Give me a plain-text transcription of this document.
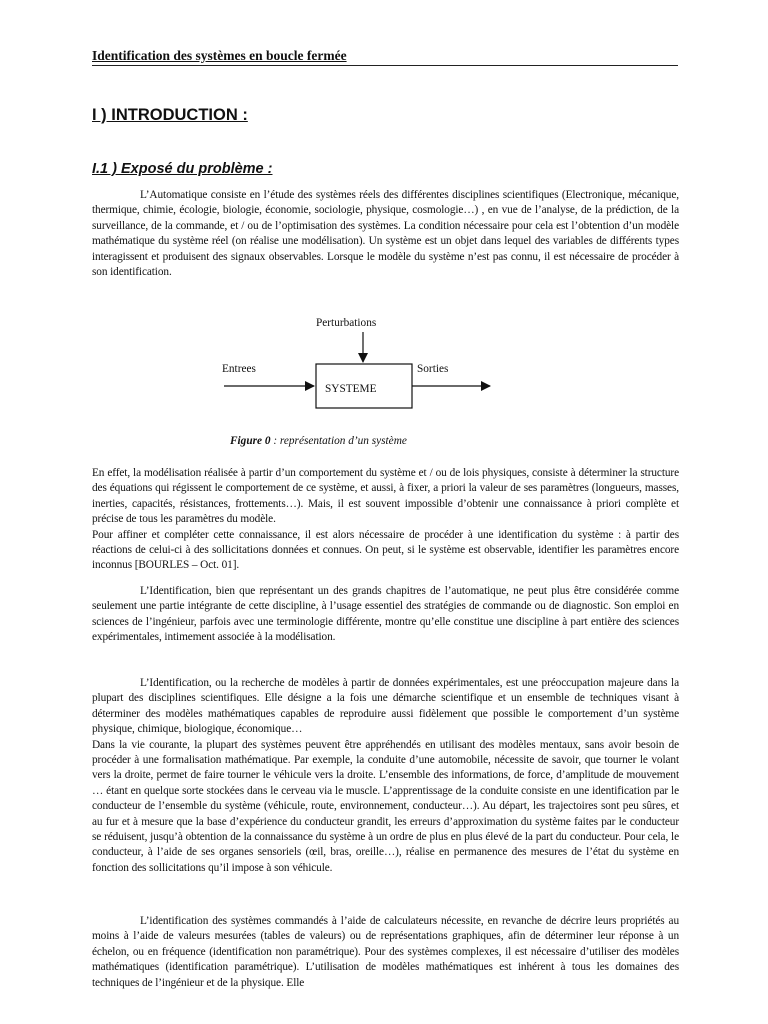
Identification des systèmes en boucle fermée
I ) INTRODUCTION :
I.1 ) Exposé du problème :

L’Automatique consiste en l’étude des systèmes réels des différentes disciplines scientifiques (Electronique, mécanique, thermique, chimie, écologie, biologie, économie, sociologie, physique, cosmologie…) , en vue de l’analyse, de la prédiction, de la surveillance, de la commande, et / ou de l’optimisation des systèmes. La condition nécessaire pour cela est l’obtention d’un modèle mathématique du système réel (on réalise une modélisation). Un système est un objet dans lequel des variables de différents types interagissent et produisent des signaux observables. Lorsque le modèle du système n’est pas connu, il est nécessaire de procéder à son identification.

Perturbations
Entrees	Sorties
SYSTEME
Figure 0 : représentation d’un système

En effet, la modélisation réalisée à partir d’un comportement du système et / ou de lois physiques, consiste à déterminer la structure des équations qui régissent le comportement de ce système, et aussi, à fixer, a priori la valeur de ses paramètres (longueurs, masses, inerties, capacités, résistances, frottements…). Mais, il est souvent impossible d’obtenir une connaissance à priori complète et précise de tous les paramètres du modèle.

Pour affiner et compléter cette connaissance, il est alors nécessaire de procéder à une identification du système : à partir des réactions de celui-ci à des sollicitations données et connues. On peut, si le système est observable, identifier les paramètres encore inconnus [BOURLES – Oct. 01].

L’Identification, bien que représentant un des grands chapitres de l’automatique, ne peut plus être considérée comme seulement une partie intégrante de cette discipline, à l’usage essentiel des stratégies de commande ou de diagnostic. Son emploi en sciences de l’ingénieur, parfois avec une terminologie différente, montre qu’elle constitue une discipline à part entière des sciences expérimentales, intimement associée à la modélisation.

L’Identification, ou la recherche de modèles à partir de données expérimentales, est une préoccupation majeure dans la plupart des disciplines scientifiques. Elle désigne a la fois une démarche scientifique et un ensemble de techniques visant à déterminer des modèles mathématiques capables de reproduire aussi fidèlement que possible le comportement d’un système physique, chimique, biologique, économique…

Dans la vie courante, la plupart des systèmes peuvent être appréhendés en utilisant des modèles mentaux, sans avoir besoin de procéder à une formalisation mathématique. Par exemple, la conduite d’une automobile, nécessite de savoir, que tourner le volant vers la droite, permet de faire tourner le véhicule vers la droite. L’ensemble des informations, de force, d’amplitude de mouvement … étant en quelque sorte stockées dans le cerveau via le muscle. L’apprentissage de la conduite consiste en une identification par le conducteur de l’ensemble du système (véhicule, route, environnement, conducteur…). Au départ, les trajectoires sont peu sûres, et au fur et à mesure que la base d’expérience du conducteur grandit, les erreurs d’approximation du système faites par le conducteur se réduisent, jusqu’à obtention de la connaissance du système à un ordre de plus en plus élevé de la part du conducteur. Pour cela, le conducteur, à l’aide de ses organes sensoriels (œil, bras, oreille…), réalise en permanence des mesures de l’état du système en fonction des sollicitations qu’il impose à son véhicule.

L’identification des systèmes commandés à l’aide de calculateurs nécessite, en revanche de décrire leurs propriétés au moins à l’aide de valeurs mesurées (tables de valeurs) ou de représentations graphiques, afin de déterminer leur réponse à un échelon, ou en fréquence (identification non paramétrique). Pour des systèmes complexes, il est nécessaire d’utiliser des modèles mathématiques (identification paramétrique). L’utilisation de modèles mathématiques est inhérent à tous les domaines des techniques de l’ingénieur et de la physique. Elle
